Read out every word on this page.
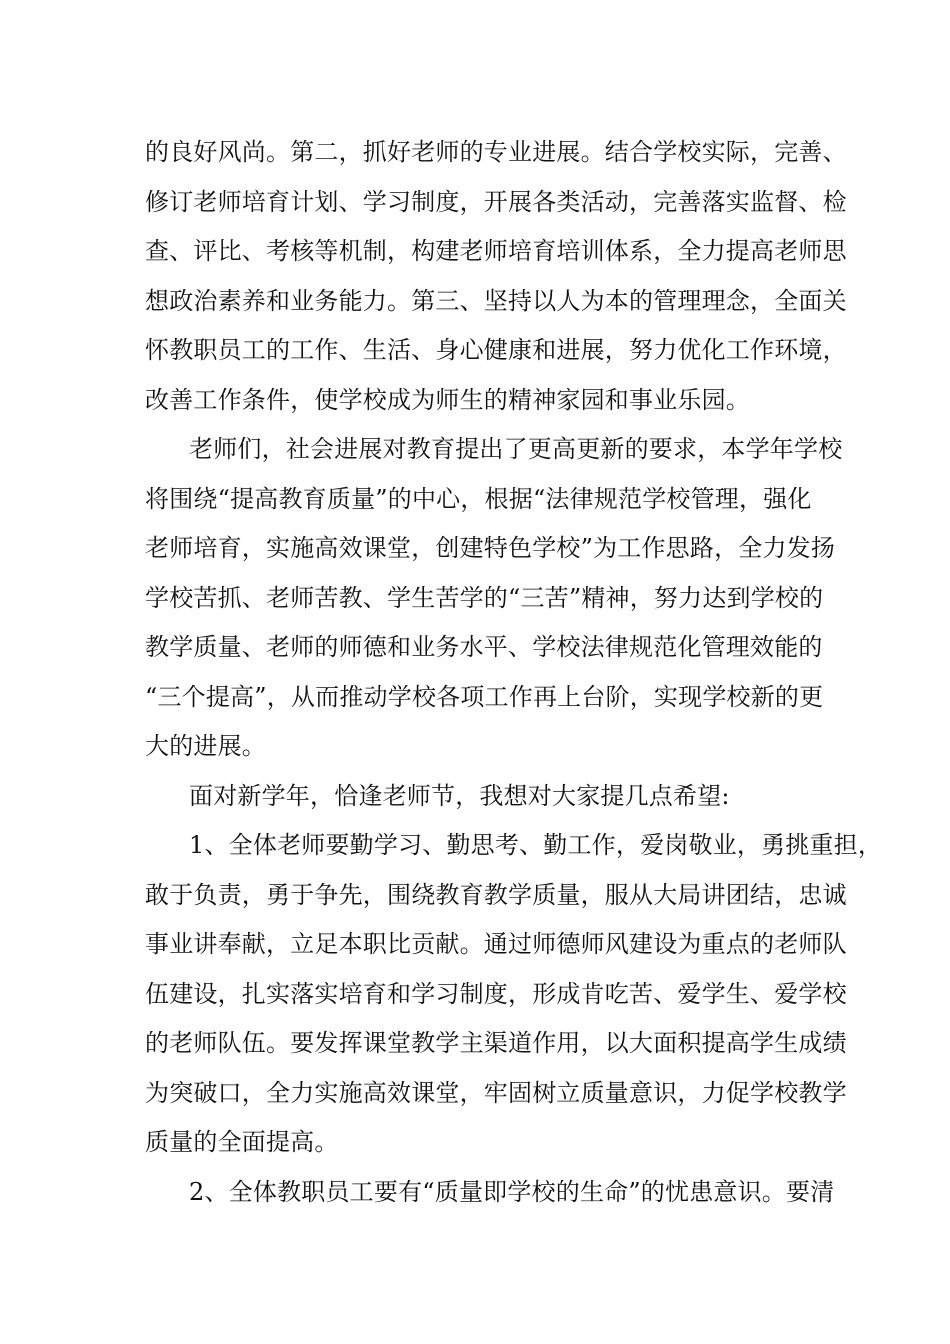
的良好风尚。第二，抓好老师的专业进展。结合学校实际，完善、
修订老师培育计划、学习制度，开展各类活动，完善落实监督、检
查、评比、考核等机制，构建老师培育培训体系，全力提高老师思
想政治素养和业务能力。第三、坚持以人为本的管理理念，全面关
怀教职员工的工作、生活、身心健康和进展，努力优化工作环境，
改善工作条件，使学校成为师生的精神家园和事业乐园。
老师们，社会进展对教育提出了更高更新的要求，本学年学校
将围绕“提高教育质量”的中心，根据“法律规范学校管理，强化
老师培育，实施高效课堂，创建特色学校”为工作思路，全力发扬
学校苦抓、老师苦教、学生苦学的“三苦”精神，努力达到学校的
教学质量、老师的师德和业务水平、学校法律规范化管理效能的
“三个提高”，从而推动学校各项工作再上台阶，实现学校新的更
大的进展。
面对新学年，恰逢老师节，我想对大家提几点希望:
1、全体老师要勤学习、勤思考、勤工作，爱岗敬业，勇挑重担，
敢于负责，勇于争先，围绕教育教学质量，服从大局讲团结，忠诚
事业讲奉献，立足本职比贡献。通过师德师风建设为重点的老师队
伍建设，扎实落实培育和学习制度，形成肯吃苦、爱学生、爱学校
的老师队伍。要发挥课堂教学主渠道作用，以大面积提高学生成绩
为突破口，全力实施高效课堂，牢固树立质量意识，力促学校教学
质量的全面提高。
2、全体教职员工要有“质量即学校的生命”的忧患意识。要清
